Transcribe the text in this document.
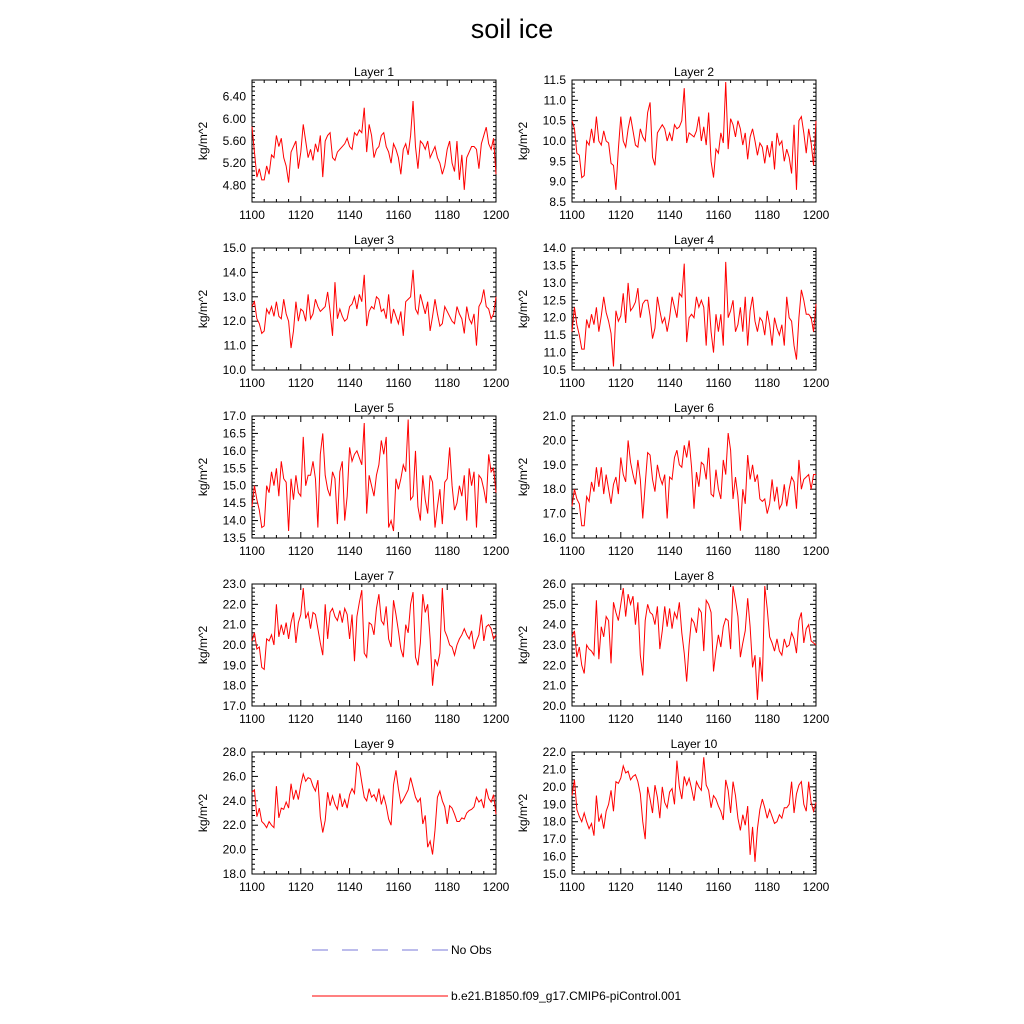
soil ice
Layer 1
kg/m^2
1100 1120 1140 1160 1180 1200
6.40
6.00
5.60
5.20
4.80
Layer 2
kg/m^2
1100 1120 1140 1160 1180 1200
11.5
11.0
10.5
10.0
9.5
9.0
8.5
Layer 3
kg/m^2
1100 1120 1140 1160 1180 1200
15.0
14.0
13.0
12.0
11.0
10.0
Layer 4
kg/m^2
1100 1120 1140 1160 1180 1200
14.0
13.5
13.0
12.5
12.0
11.5
11.0
10.5
Layer 5
kg/m^2
1100 1120 1140 1160 1180 1200
17.0
16.5
16.0
15.5
15.0
14.5
14.0
13.5
Layer 6
kg/m^2
1100 1120 1140 1160 1180 1200
21.0
20.0
19.0
18.0
17.0
16.0
Layer 7
kg/m^2
1100 1120 1140 1160 1180 1200
23.0
22.0
21.0
20.0
19.0
18.0
17.0
Layer 8
kg/m^2
1100 1120 1140 1160 1180 1200
26.0
25.0
24.0
23.0
22.0
21.0
20.0
Layer 9
kg/m^2
1100 1120 1140 1160 1180 1200
28.0
26.0
24.0
22.0
20.0
18.0
Layer 10
kg/m^2
1100 1120 1140 1160 1180 1200
22.0
21.0
20.0
19.0
18.0
17.0
16.0
15.0
No Obs
b.e21.B1850.f09_g17.CMIP6-piControl.001
